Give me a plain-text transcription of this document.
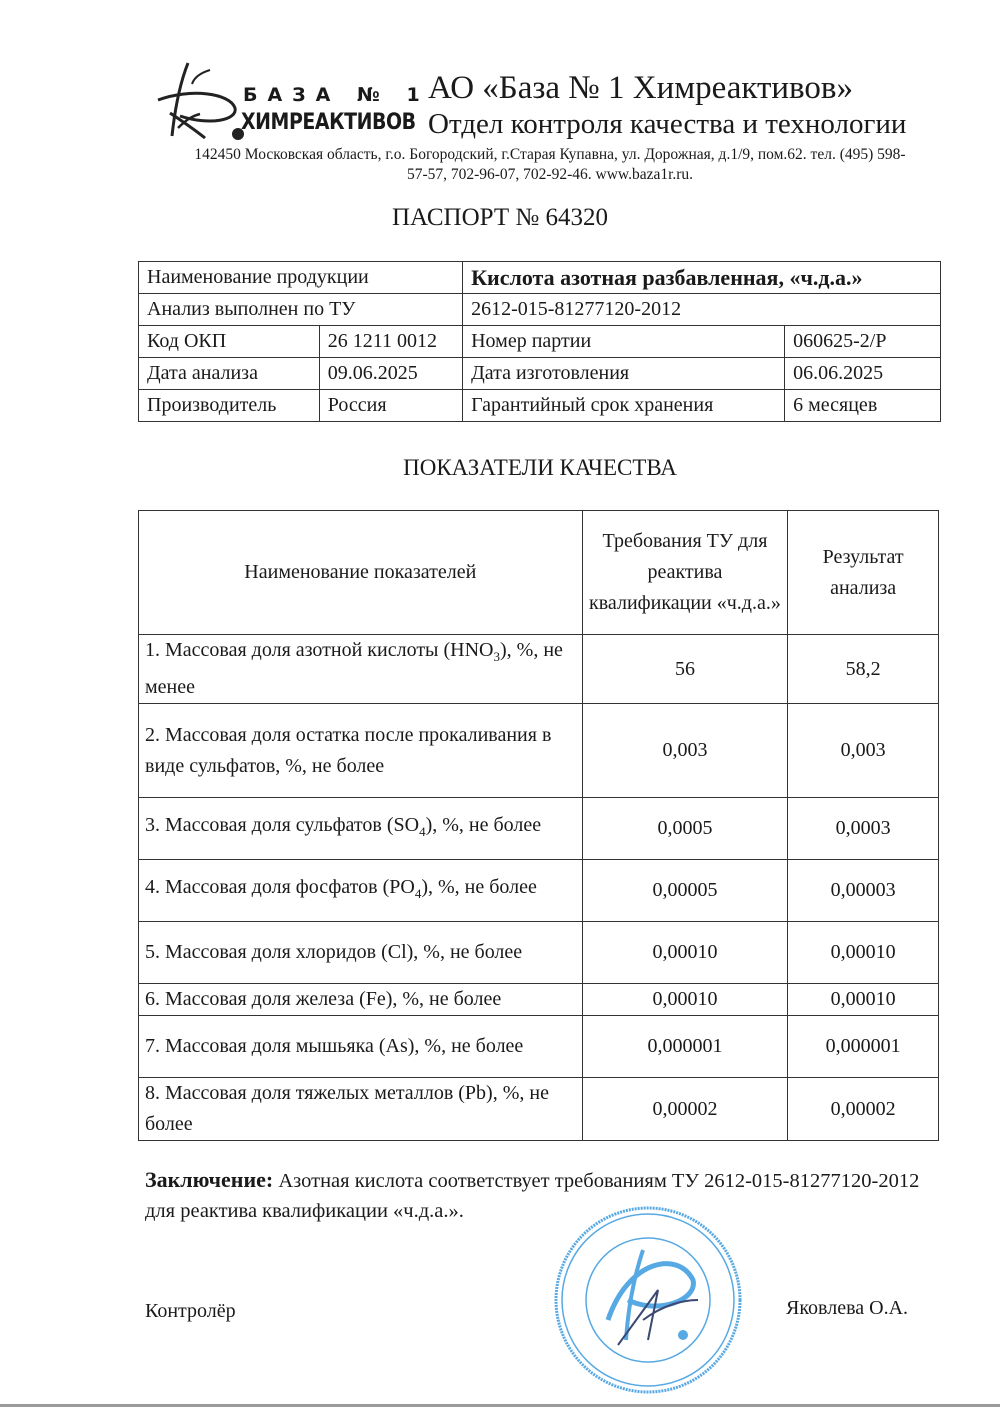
БАЗА № 1
ХИМРЕАКТИВОВ
АО «База № 1 Химреактивов»
Отдел контроля качества и технологии
142450 Московская область, г.о. Богородский, г.Старая Купавна, ул. Дорожная, д.1/9, пом.62. тел. (495) 598-
57-57, 702-96-07, 702-92-46. www.baza1r.ru.
ПАСПОРТ № 64320
Наименование продукции		Кислота азотная разбавленная, «ч.д.а.»	
Анализ выполнен по ТУ		2612-015-81277120-2012	
Код ОКП	26 1211 0012	Номер партии	060625-2/Р
Дата анализа	09.06.2025	Дата изготовления	06.06.2025
Производитель	Россия	Гарантийный срок хранения	6 месяцев
ПОКАЗАТЕЛИ КАЧЕСТВА
Наименование показателей	Требования ТУ для реактива квалификации «ч.д.а.»	Результат анализа
1. Массовая доля азотной кислоты $(HNO_3)$, %, не менее	56	58,2
2. Массовая доля остатка после прокаливания в виде сульфатов, %, не более	0,003	0,003
3. Массовая доля сульфатов $(SO_4)$, %, не более	0,0005	0,0003
4. Массовая доля фосфатов $(PO_4)$, %, не более	0,00005	0,00003
5. Массовая доля хлоридов (Cl), %, не более	0,00010	0,00010
6. Массовая доля железа (Fe), %, не более	0,00010	0,00010
7. Массовая доля мышьяка (As), %, не более	0,000001	0,000001
8. Массовая доля тяжелых металлов (Pb), %, не более	0,00002	0,00002
Заключение: Азотная кислота соответствует требованиям ТУ 2612-015-81277120-2012 для реактива квалификации «ч.д.а.».
Контролёр	Яковлева О.А.
